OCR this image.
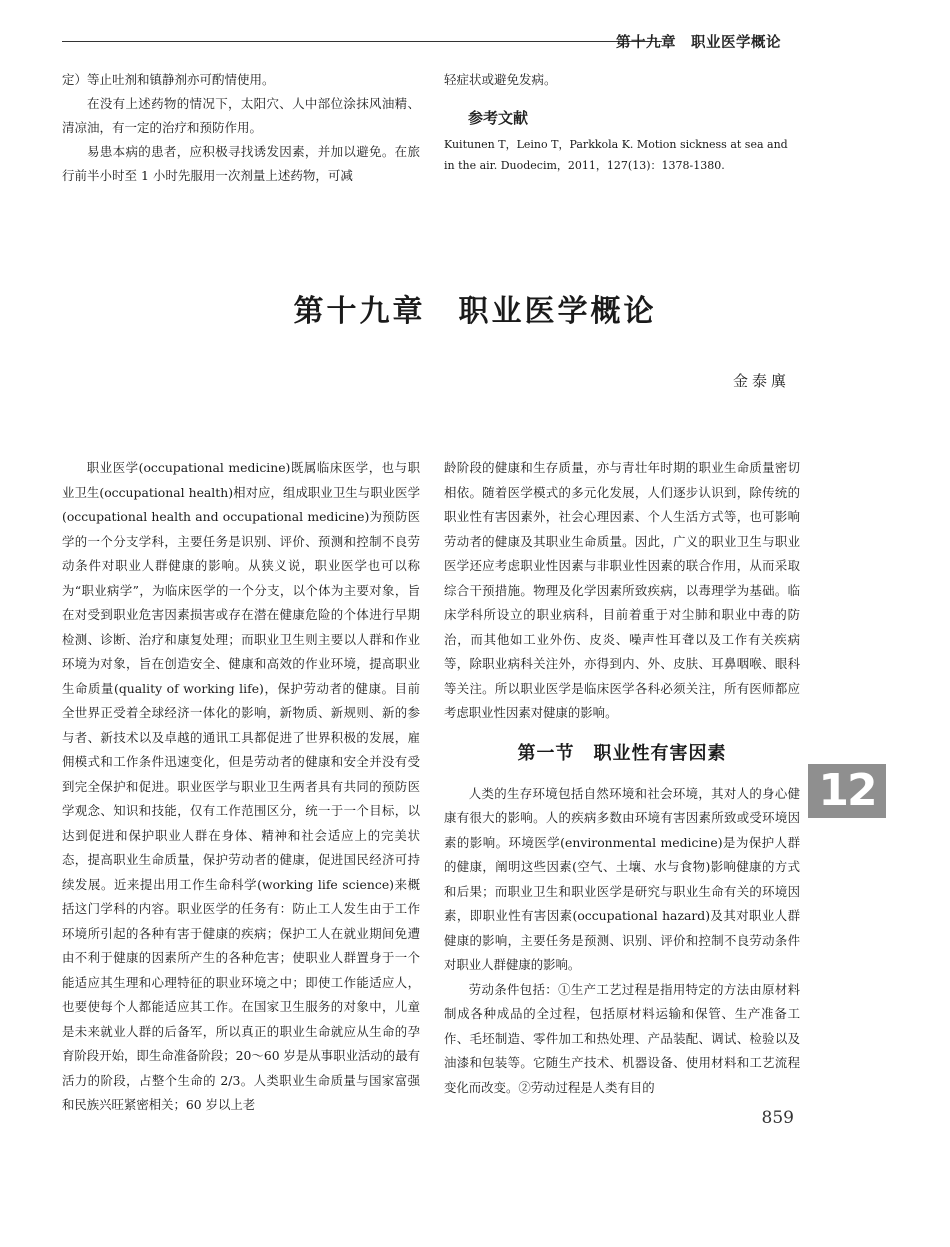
第十九章　职业医学概论

定）等止吐剂和镇静剂亦可酌情使用。

在没有上述药物的情况下，太阳穴、人中部位涂抹风油精、清凉油，有一定的治疗和预防作用。

易患本病的患者，应积极寻找诱发因素，并加以避免。在旅行前半小时至 1 小时先服用一次剂量上述药物，可减

轻症状或避免发病。

参考文献

Kuitunen T，Leino T，Parkkola K. Motion sickness at sea and in the air. Duodecim，2011，127(13)：1378-1380.

第十九章　职业医学概论
金泰廙

职业医学(occupational medicine)既属临床医学，也与职业卫生(occupational health)相对应，组成职业卫生与职业医学(occupational health and occupational medicine)为预防医学的一个分支学科，主要任务是识别、评价、预测和控制不良劳动条件对职业人群健康的影响。从狭义说，职业医学也可以称为“职业病学”，为临床医学的一个分支，以个体为主要对象，旨在对受到职业危害因素损害或存在潜在健康危险的个体进行早期检测、诊断、治疗和康复处理；而职业卫生则主要以人群和作业环境为对象，旨在创造安全、健康和高效的作业环境，提高职业生命质量(quality of working life)，保护劳动者的健康。目前全世界正受着全球经济一体化的影响，新物质、新规则、新的参与者、新技术以及卓越的通讯工具都促进了世界积极的发展，雇佣模式和工作条件迅速变化，但是劳动者的健康和安全并没有受到完全保护和促进。职业医学与职业卫生两者具有共同的预防医学观念、知识和技能，仅有工作范围区分，统一于一个目标，以达到促进和保护职业人群在身体、精神和社会适应上的完美状态，提高职业生命质量，保护劳动者的健康，促进国民经济可持续发展。近来提出用工作生命科学(working life science)来概括这门学科的内容。职业医学的任务有：防止工人发生由于工作环境所引起的各种有害于健康的疾病；保护工人在就业期间免遭由不利于健康的因素所产生的各种危害；使职业人群置身于一个能适应其生理和心理特征的职业环境之中；即使工作能适应人，也要使每个人都能适应其工作。在国家卫生服务的对象中，儿童是未来就业人群的后备军，所以真正的职业生命就应从生命的孕育阶段开始，即生命准备阶段；20～60 岁是从事职业活动的最有活力的阶段，占整个生命的 2/3。人类职业生命质量与国家富强和民族兴旺紧密相关；60 岁以上老

龄阶段的健康和生存质量，亦与青壮年时期的职业生命质量密切相依。随着医学模式的多元化发展，人们逐步认识到，除传统的职业性有害因素外，社会心理因素、个人生活方式等，也可影响劳动者的健康及其职业生命质量。因此，广义的职业卫生与职业医学还应考虑职业性因素与非职业性因素的联合作用，从而采取综合干预措施。物理及化学因素所致疾病，以毒理学为基础。临床学科所设立的职业病科，目前着重于对尘肺和职业中毒的防治，而其他如工业外伤、皮炎、噪声性耳聋以及工作有关疾病等，除职业病科关注外，亦得到内、外、皮肤、耳鼻咽喉、眼科等关注。所以职业医学是临床医学各科必须关注，所有医师都应考虑职业性因素对健康的影响。

第一节　职业性有害因素

人类的生存环境包括自然环境和社会环境，其对人的身心健康有很大的影响。人的疾病多数由环境有害因素所致或受环境因素的影响。环境医学(environmental medicine)是为保护人群的健康，阐明这些因素(空气、土壤、水与食物)影响健康的方式和后果；而职业卫生和职业医学是研究与职业生命有关的环境因素，即职业性有害因素(occupational hazard)及其对职业人群健康的影响，主要任务是预测、识别、评价和控制不良劳动条件对职业人群健康的影响。

劳动条件包括：①生产工艺过程是指用特定的方法由原材料制成各种成品的全过程，包括原材料运输和保管、生产准备工作、毛坯制造、零件加工和热处理、产品装配、调试、检验以及油漆和包装等。它随生产技术、机器设备、使用材料和工艺流程变化而改变。②劳动过程是人类有目的

12
859
